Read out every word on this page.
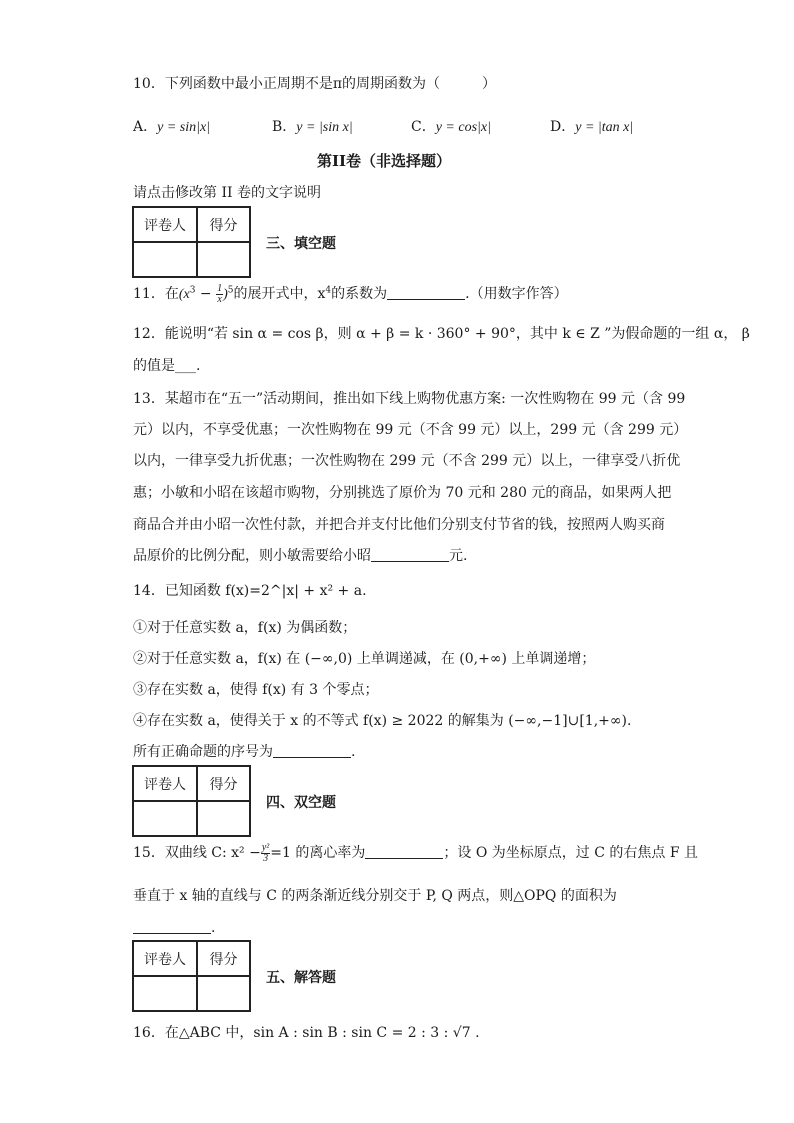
10．下列函数中最小正周期不是π的周期函数为（　　　）
A．y = sin|x|	B．y = |sin x|	C．y = cos|x|	D．y = |tan x|
第II卷（非选择题）
请点击修改第 II 卷的文字说明
评卷人	得分

三、填空题
11．在$(x^3 - \frac{1}{x} )^5$的展开式中，$x^4$的系数为	.（用数字作答）
12．能说明“若 sin α = cos β，则 α + β = k · 360° + 90°，其中 k ∈ Z ”为假命题的一组 α， β
的值是___.
13．某超市在“五一”活动期间，推出如下线上购物优惠方案: 一次性购物在 99 元（含 99
元）以内，不享受优惠；一次性购物在 99 元（不含 99 元）以上，299 元（含 299 元）
以内，一律享受九折优惠；一次性购物在 299 元（不含 299 元）以上，一律享受八折优
惠；小敏和小昭在该超市购物，分别挑选了原价为 70 元和 280 元的商品，如果两人把
商品合并由小昭一次性付款，并把合并支付比他们分别支付节省的钱，按照两人购买商
品原价的比例分配，则小敏需要给小昭	元.
14．已知函数 f(x)=2^|x| + x² + a.
①对于任意实数 a，f(x) 为偶函数；
②对于任意实数 a，f(x) 在 (−∞,0) 上单调递减，在 (0,+∞) 上单调递增；
③存在实数 a，使得 f(x) 有 3 个零点；
④存在实数 a，使得关于 x 的不等式 f(x) ≥ 2022 的解集为 (−∞,−1]∪[1,+∞).
所有正确命题的序号为	.
评卷人	得分

四、双空题
15．双曲线 C: $x^2 - \frac{\text{y²}}{3} =1$ 的离心率为	；设 O 为坐标原点，过 C 的右焦点 F 且
垂直于 x 轴的直线与 C 的两条渐近线分别交于 P, Q 两点，则△OPQ 的面积为
.
评卷人	得分

五、解答题
16．在△ABC 中，sin A : sin B : sin C = 2 : 3 : √7 .
